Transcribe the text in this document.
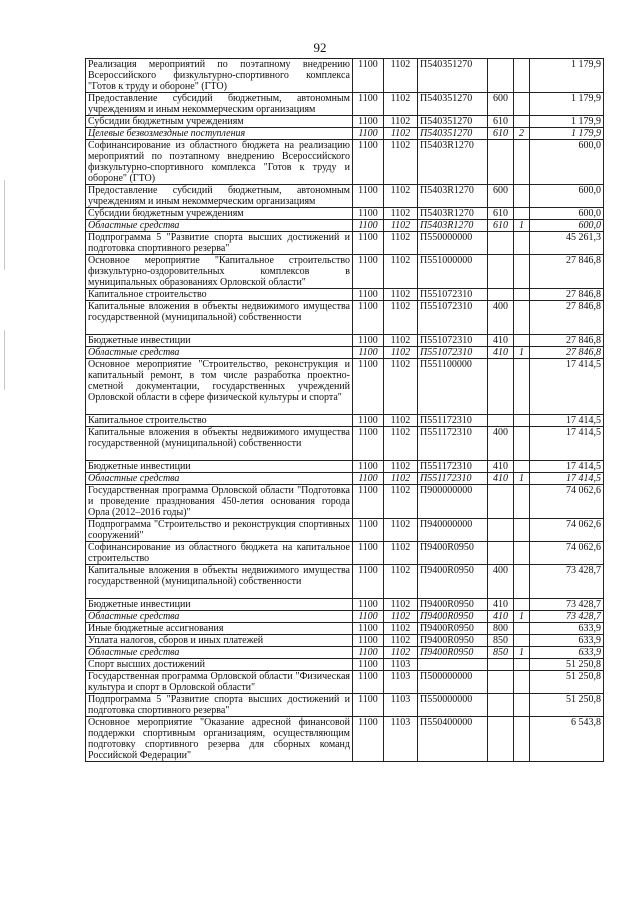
92
Реализация мероприятий по поэтапному внедрению Всероссийского физкультурно-спортивного комплекса "Готов к труду и обороне" (ГТО)	1100	1102	П540351270			1 179,9
Предоставление субсидий бюджетным, автономным учреждениям и иным некоммерческим организациям	1100	1102	П540351270	600		1 179,9
Субсидии бюджетным учреждениям	1100	1102	П540351270	610		1 179,9
Целевые безвозмездные поступления	1100	1102	П540351270	610	2	1 179,9
Софинансирование из областного бюджета на реализацию мероприятий по поэтапному внедрению Всероссийского физкультурно-спортивного комплекса "Готов к труду и обороне" (ГТО)	1100	1102	П5403R1270			600,0
Предоставление субсидий бюджетным, автономным учреждениям и иным некоммерческим организациям	1100	1102	П5403R1270	600		600,0
Субсидии бюджетным учреждениям	1100	1102	П5403R1270	610		600,0
Областные средства	1100	1102	П5403R1270	610	1	600,0
Подпрограмма 5 "Развитие спорта высших достижений и подготовка спортивного резерва"	1100	1102	П550000000			45 261,3
Основное мероприятие "Капитальное строительство физкультурно-оздоровительных комплексов в муниципальных образованиях Орловской области"	1100	1102	П551000000			27 846,8
Капитальное строительство	1100	1102	П551072310			27 846,8
Капитальные вложения в объекты недвижимого имущества государственной (муниципальной) собственности	1100	1102	П551072310	400		27 846,8
Бюджетные инвестиции	1100	1102	П551072310	410		27 846,8
Областные средства	1100	1102	П551072310	410	1	27 846,8
Основное мероприятие "Строительство, реконструкция и капитальный ремонт, в том числе разработка проектно-сметной документации, государственных учреждений Орловской области в сфере физической культуры и спорта"	1100	1102	П551100000			17 414,5
Капитальное строительство	1100	1102	П551172310			17 414,5
Капитальные вложения в объекты недвижимого имущества государственной (муниципальной) собственности	1100	1102	П551172310	400		17 414,5
Бюджетные инвестиции	1100	1102	П551172310	410		17 414,5
Областные средства	1100	1102	П551172310	410	1	17 414,5
Государственная программа Орловской области "Подготовка и проведение празднования 450-летия основания города Орла (2012–2016 годы)"	1100	1102	П900000000			74 062,6
Подпрограмма "Строительство и реконструкция спортивных сооружений"	1100	1102	П940000000			74 062,6
Софинансирование из областного бюджета на капитальное строительство	1100	1102	П9400R0950			74 062,6
Капитальные вложения в объекты недвижимого имущества государственной (муниципальной) собственности	1100	1102	П9400R0950	400		73 428,7
Бюджетные инвестиции	1100	1102	П9400R0950	410		73 428,7
Областные средства	1100	1102	П9400R0950	410	1	73 428,7
Иные бюджетные ассигнования	1100	1102	П9400R0950	800		633,9
Уплата налогов, сборов и иных платежей	1100	1102	П9400R0950	850		633,9
Областные средства	1100	1102	П9400R0950	850	1	633,9
Спорт высших достижений	1100	1103				51 250,8
Государственная программа Орловской области "Физическая культура и спорт в Орловской области"	1100	1103	П500000000			51 250,8
Подпрограмма 5 "Развитие спорта высших достижений и подготовка спортивного резерва"	1100	1103	П550000000			51 250,8
Основное мероприятие "Оказание адресной финансовой поддержки спортивным организациям, осуществляющим подготовку спортивного резерва для сборных команд Российской Федерации"	1100	1103	П550400000			6 543,8
